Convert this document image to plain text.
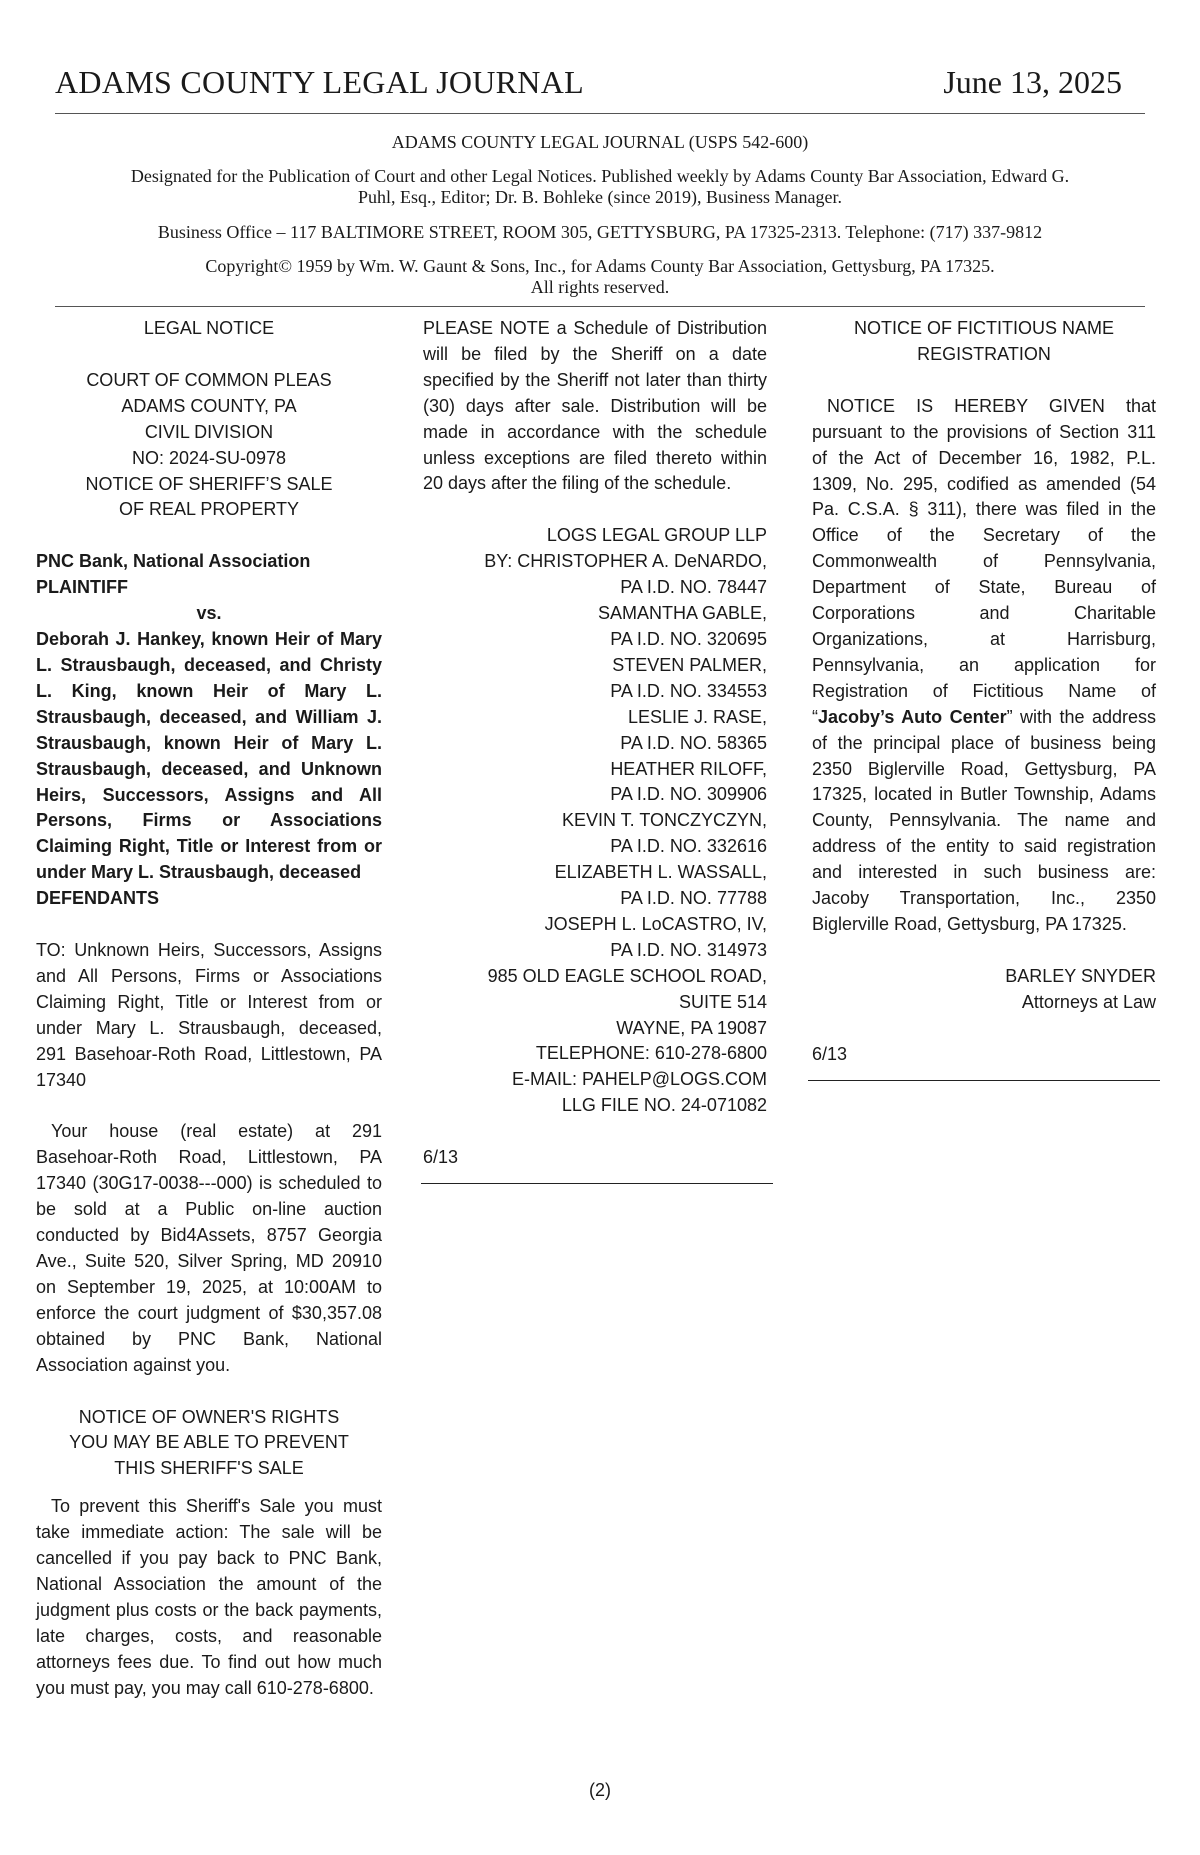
ADAMS COUNTY LEGAL JOURNAL	June 13, 2025
ADAMS COUNTY LEGAL JOURNAL (USPS 542-600)
Designated for the Publication of Court and other Legal Notices. Published weekly by Adams County Bar Association, Edward G.
Puhl, Esq., Editor; Dr. B. Bohleke (since 2019), Business Manager.
Business Office – 117 BALTIMORE STREET, ROOM 305, GETTYSBURG, PA 17325-2313. Telephone: (717) 337-9812
Copyright© 1959 by Wm. W. Gaunt & Sons, Inc., for Adams County Bar Association, Gettysburg, PA 17325.
All rights reserved.

LEGAL NOTICE

COURT OF COMMON PLEAS

ADAMS COUNTY, PA

CIVIL DIVISION

NO: 2024-SU-0978

NOTICE OF SHERIFF’S SALE

OF REAL PROPERTY

PNC Bank, National Association

PLAINTIFF

vs.

Deborah J. Hankey, known Heir of Mary L. Strausbaugh, deceased, and Christy L. King, known Heir of Mary L. Strausbaugh, deceased, and William J. Strausbaugh, known Heir of Mary L. Strausbaugh, deceased, and Unknown Heirs, Successors, Assigns and All Persons, Firms or Associations Claiming Right, Title or Interest from or under Mary L. Strausbaugh, deceased

DEFENDANTS

TO: Unknown Heirs, Successors, Assigns and All Persons, Firms or Associations Claiming Right, Title or Interest from or under Mary L. Strausbaugh, deceased, 291 Basehoar-Roth Road, Littlestown, PA 17340

Your house (real estate) at 291 Basehoar-Roth Road, Littlestown, PA 17340 (30G17-0038---000) is scheduled to be sold at a Public on-line auction conducted by Bid4Assets, 8757 Georgia Ave., Suite 520, Silver Spring, MD 20910 on September 19, 2025, at 10:00AM to enforce the court judgment of $30,357.08 obtained by PNC Bank, National Association against you.

NOTICE OF OWNER'S RIGHTS

YOU MAY BE ABLE TO PREVENT

THIS SHERIFF'S SALE

To prevent this Sheriff's Sale you must take immediate action: The sale will be cancelled if you pay back to PNC Bank, National Association the amount of the judgment plus costs or the back payments, late charges, costs, and reasonable attorneys fees due. To find out how much you must pay, you may call 610-278-6800.

PLEASE NOTE a Schedule of Distribution will be filed by the Sheriff on a date specified by the Sheriff not later than thirty (30) days after sale. Distribution will be made in accordance with the schedule unless exceptions are filed thereto within 20 days after the filing of the schedule.

LOGS LEGAL GROUP LLP

BY: CHRISTOPHER A. DeNARDO,

PA I.D. NO. 78447

SAMANTHA GABLE,

PA I.D. NO. 320695

STEVEN PALMER,

PA I.D. NO. 334553

LESLIE J. RASE,

PA I.D. NO. 58365

HEATHER RILOFF,

PA I.D. NO. 309906

KEVIN T. TONCZYCZYN,

PA I.D. NO. 332616

ELIZABETH L. WASSALL,

PA I.D. NO. 77788

JOSEPH L. LoCASTRO, IV,

PA I.D. NO. 314973

985 OLD EAGLE SCHOOL ROAD,

SUITE 514

WAYNE, PA 19087

TELEPHONE: 610-278-6800

E-MAIL: PAHELP@LOGS.COM

LLG FILE NO. 24-071082

6/13

NOTICE OF FICTITIOUS NAME

REGISTRATION

NOTICE IS HEREBY GIVEN that pursuant to the provisions of Section 311 of the Act of December 16, 1982, P.L. 1309, No. 295, codified as amended (54 Pa. C.S.A. § 311), there was filed in the Office of the Secretary of the Commonwealth of Pennsylvania, Department of State, Bureau of Corporations and Charitable Organizations, at Harrisburg, Pennsylvania, an application for Registration of Fictitious Name of “Jacoby’s Auto Center” with the address of the principal place of business being 2350 Biglerville Road, Gettysburg, PA 17325, located in Butler Township, Adams County, Pennsylvania. The name and address of the entity to said registration and interested in such business are: Jacoby Transportation, Inc., 2350 Biglerville Road, Gettysburg, PA 17325.

BARLEY SNYDER

Attorneys at Law

6/13

(2)
